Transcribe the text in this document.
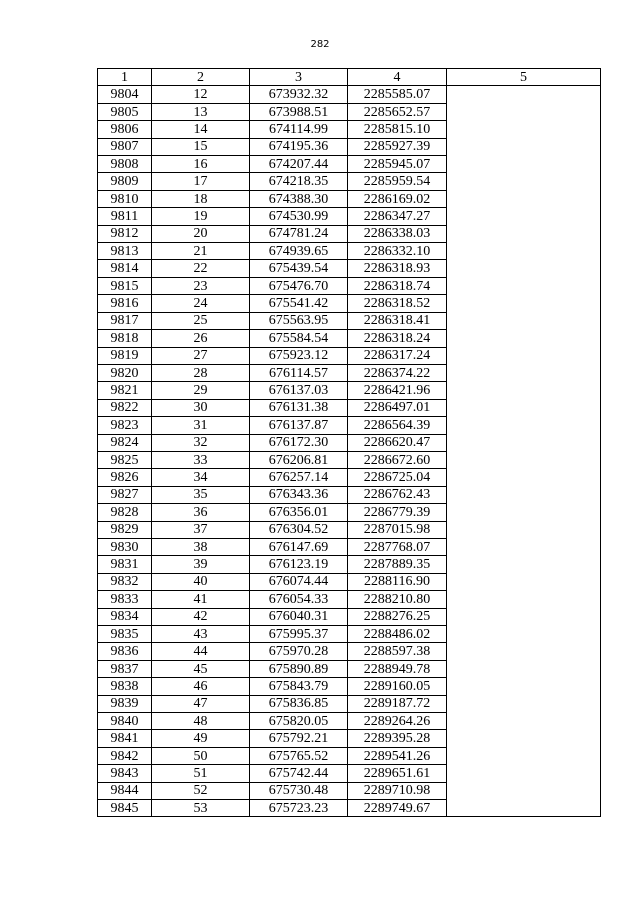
282
1	2	3	4	5
9804	12	673932.32	2285585.07	
9805	13	673988.51	2285652.57	
9806	14	674114.99	2285815.10	
9807	15	674195.36	2285927.39	
9808	16	674207.44	2285945.07	
9809	17	674218.35	2285959.54	
9810	18	674388.30	2286169.02	
9811	19	674530.99	2286347.27	
9812	20	674781.24	2286338.03	
9813	21	674939.65	2286332.10	
9814	22	675439.54	2286318.93	
9815	23	675476.70	2286318.74	
9816	24	675541.42	2286318.52	
9817	25	675563.95	2286318.41	
9818	26	675584.54	2286318.24	
9819	27	675923.12	2286317.24	
9820	28	676114.57	2286374.22	
9821	29	676137.03	2286421.96	
9822	30	676131.38	2286497.01	
9823	31	676137.87	2286564.39	
9824	32	676172.30	2286620.47	
9825	33	676206.81	2286672.60	
9826	34	676257.14	2286725.04	
9827	35	676343.36	2286762.43	
9828	36	676356.01	2286779.39	
9829	37	676304.52	2287015.98	
9830	38	676147.69	2287768.07	
9831	39	676123.19	2287889.35	
9832	40	676074.44	2288116.90	
9833	41	676054.33	2288210.80	
9834	42	676040.31	2288276.25	
9835	43	675995.37	2288486.02	
9836	44	675970.28	2288597.38	
9837	45	675890.89	2288949.78	
9838	46	675843.79	2289160.05	
9839	47	675836.85	2289187.72	
9840	48	675820.05	2289264.26	
9841	49	675792.21	2289395.28	
9842	50	675765.52	2289541.26	
9843	51	675742.44	2289651.61	
9844	52	675730.48	2289710.98	
9845	53	675723.23	2289749.67	
